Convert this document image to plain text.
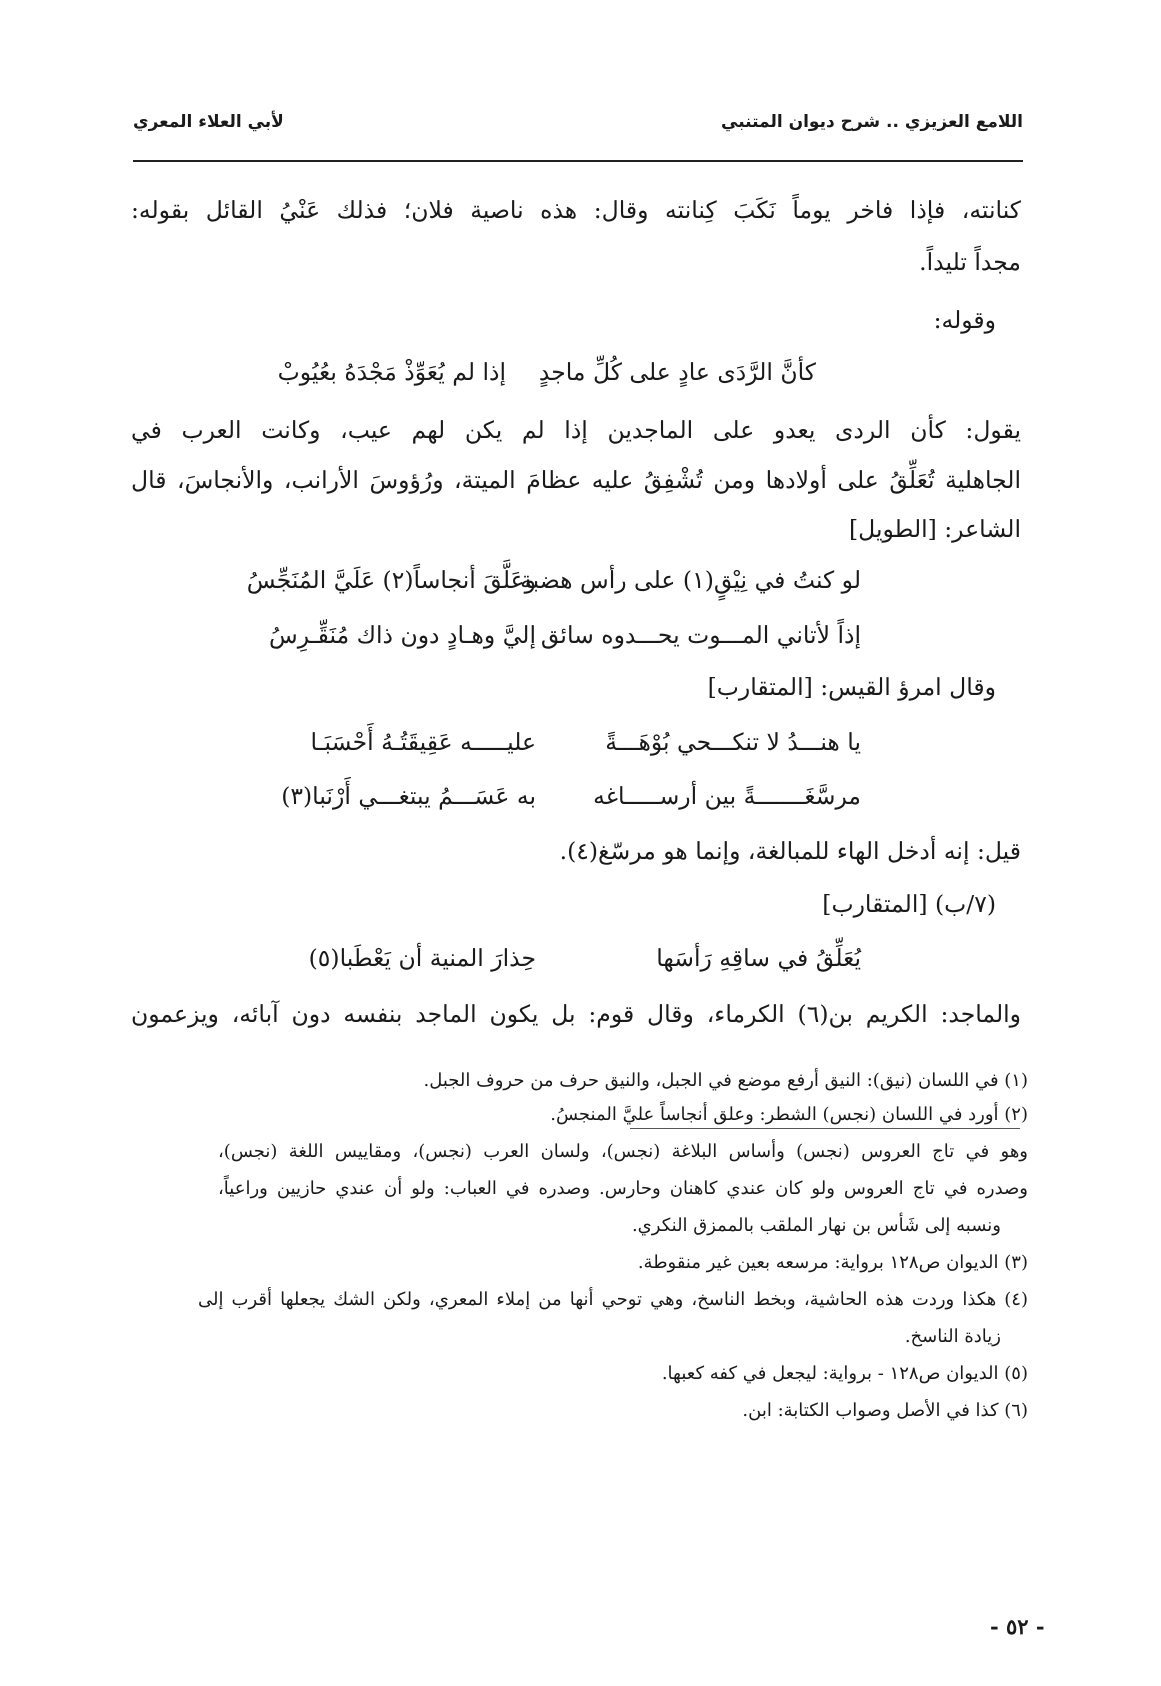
اللامع العزيزي .. شرح ديوان المتنبي
لأبي العلاء المعري
كنانته، فإذا فاخر يوماً نَكَبَ كِنانته وقال: هذه ناصية فلان؛ فذلك عَنْيُ القائل بقوله:
مجداً تليداً.
وقوله:
كأنَّ الرَّدَى عادٍ على كُلِّ ماجدٍ
إذا لم يُعَوِّذْ مَجْدَهُ بعُيُوبْ
يقول: كأن الردى يعدو على الماجدين إذا لم يكن لهم عيب، وكانت العرب في
الجاهلية تُعَلِّقُ على أولادها ومن تُشْفِقُ عليه عظامَ الميتة، ورُؤوسَ الأرانب، والأنجاسَ، قال
الشاعر: [الطويل]
لو كنتُ في نِيْقٍ(١) على رأس هضبة
وعَلَّقَ أنجاساً(٢) عَلَيَّ المُنَجِّسُ
إذاً لأتاني المـــوت يحـــدوه سائق
إليَّ وهـادٍ دون ذاك مُنَقِّـرِسُ
وقال امرؤ القيس: [المتقارب]
يا هنـــدُ لا تنكـــحي بُوْهَـــةً
عليـــــه عَقِيقَتُـهُ أَحْسَبَـا
مرسَّغَـــــــةً بين أرســـــاغه
به عَسَـــمُ يبتغـــي أَرْنَبا(٣)
قيل: إنه أدخل الهاء للمبالغة، وإنما هو مرسّغ(٤).
(٧/ب) [المتقارب]
يُعَلِّقُ في ساقِهِ رَأسَها
حِذارَ المنية أن يَعْطَبا(٥)
والماجد: الكريم بن(٦) الكرماء، وقال قوم: بل يكون الماجد بنفسه دون آبائه، ويزعمون
(١) في اللسان (نيق): النيق أرفع موضع في الجبل، والنيق حرف من حروف الجبل.
(٢) أورد في اللسان (نجس) الشطر: وعلق أنجاساً عليَّ المنجسُ.
وهو في تاج العروس (نجس) وأساس البلاغة (نجس)، ولسان العرب (نجس)، ومقاييس اللغة (نجس)،
وصدره في تاج العروس ولو كان عندي كاهنان وحارس. وصدره في العباب: ولو أن عندي حازيين وراعياً،
ونسبه إلى شَأس بن نهار الملقب بالممزق النكري.
(٣) الديوان ص١٢٨ برواية: مرسعه بعين غير منقوطة.
(٤) هكذا وردت هذه الحاشية، وبخط الناسخ، وهي توحي أنها من إملاء المعري، ولكن الشك يجعلها أقرب إلى
زيادة الناسخ.
(٥) الديوان ص١٢٨ - برواية: ليجعل في كفه كعبها.
(٦) كذا في الأصل وصواب الكتابة: ابن.
- ٥٢ -
